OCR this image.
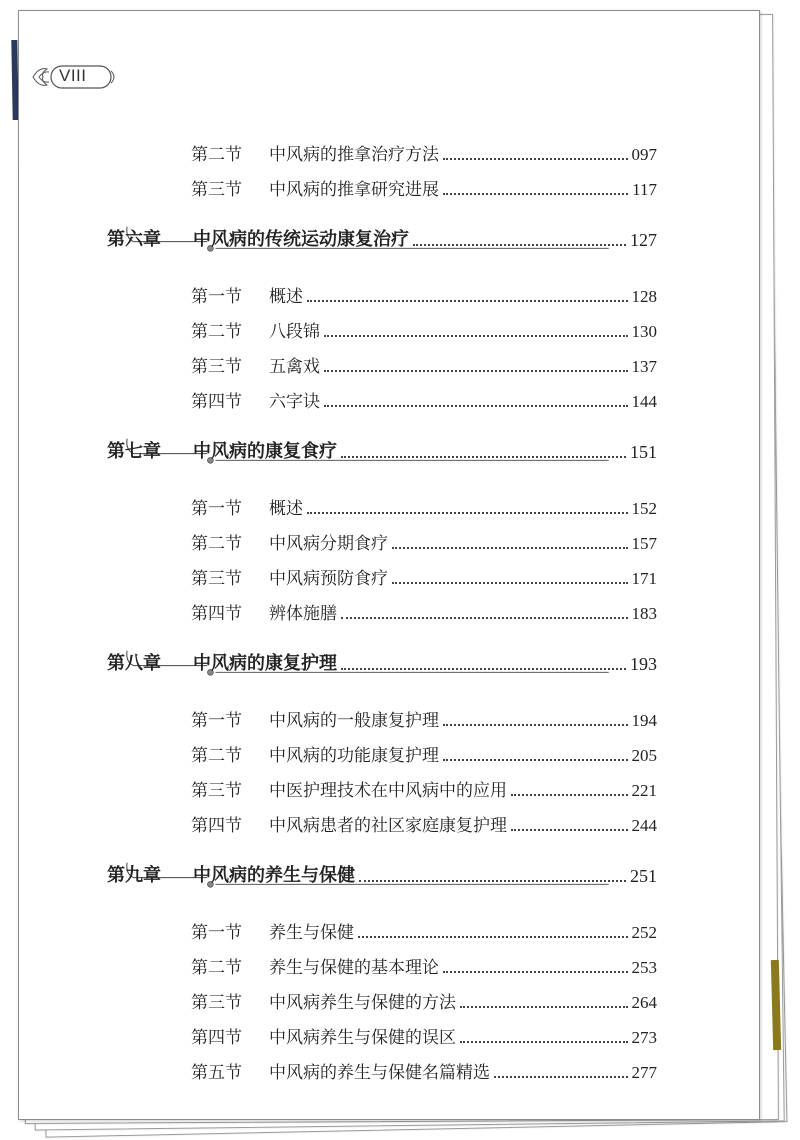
VIII
第二节	中风病的推拿治疗方法	097
第三节	中风病的推拿研究进展	117
第六章	中风病的传统运动康复治疗	127
第一节	概述	128
第二节	八段锦	130
第三节	五禽戏	137
第四节	六字诀	144
第七章	中风病的康复食疗	151
第一节	概述	152
第二节	中风病分期食疗	157
第三节	中风病预防食疗	171
第四节	辨体施膳	183
第八章	中风病的康复护理	193
第一节	中风病的一般康复护理	194
第二节	中风病的功能康复护理	205
第三节	中医护理技术在中风病中的应用	221
第四节	中风病患者的社区家庭康复护理	244
第九章	中风病的养生与保健	251
第一节	养生与保健	252
第二节	养生与保健的基本理论	253
第三节	中风病养生与保健的方法	264
第四节	中风病养生与保健的误区	273
第五节	中风病的养生与保健名篇精选	277
